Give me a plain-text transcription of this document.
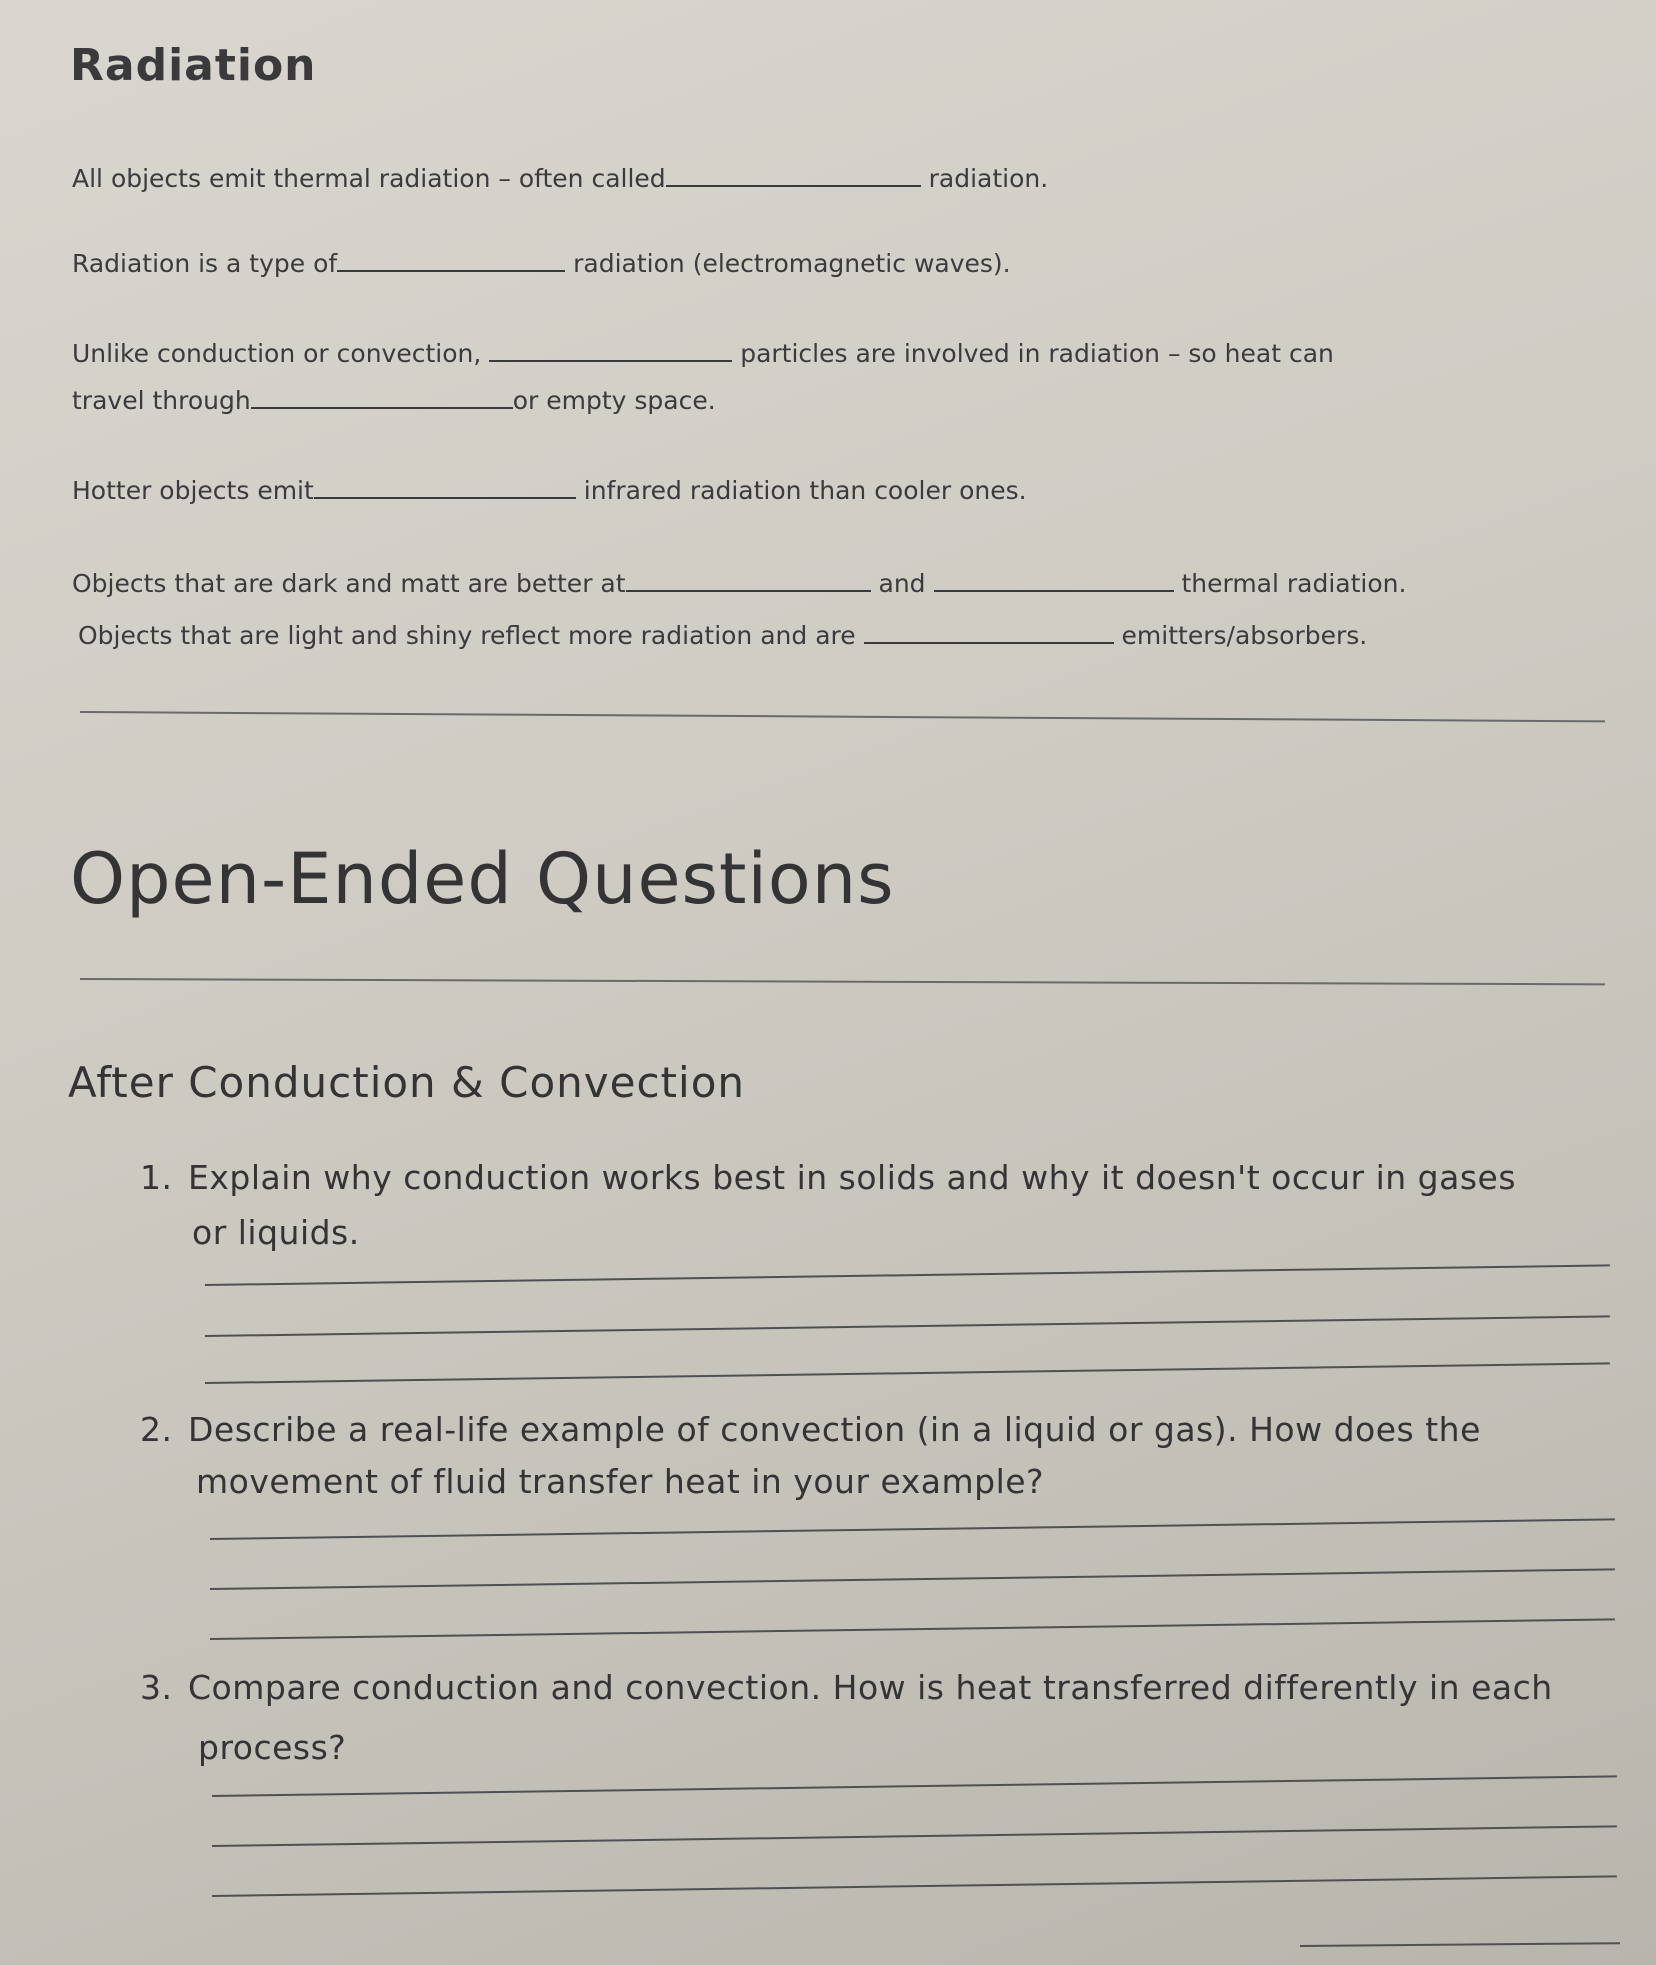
Radiation
All objects emit thermal radiation – often called	radiation.
Radiation is a type of	radiation (electromagnetic waves).
Unlike conduction or convection,	particles are involved in radiation – so heat can
travel through	or empty space.
Hotter objects emit	infrared radiation than cooler ones.
Objects that are dark and matt are better at	and	thermal radiation.
Objects that are light and shiny reflect more radiation and are	emitters/absorbers.
Open-Ended Questions
After Conduction & Convection
1. Explain why conduction works best in solids and why it doesn't occur in gases
or liquids.
2. Describe a real-life example of convection (in a liquid or gas). How does the
movement of fluid transfer heat in your example?
3. Compare conduction and convection. How is heat transferred differently in each
process?
